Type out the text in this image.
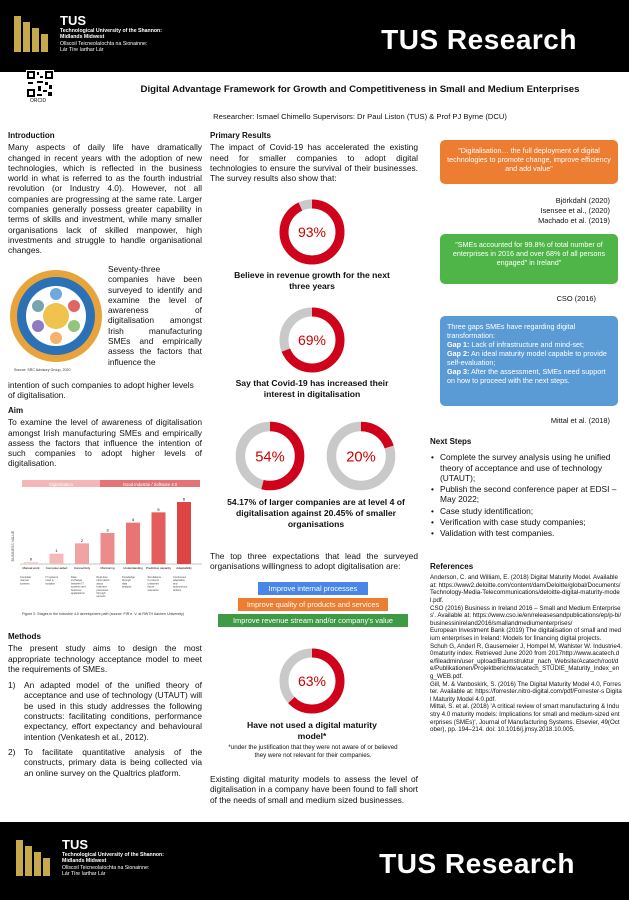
TUS
Technological University of the Shannon:
Midlands Midwest
Ollscoil Teicneolaíochta na Sionainne:
Lár Tíre Iarthar Lár	TUS Research
ORCID
Digital Advantage Framework for Growth and Competitiveness in Small and Medium Enterprises
Researcher: Ismael Chimello Supervisors: Dr Paul Liston (TUS) & Prof PJ Byrne (DCU)
Introduction
Many aspects of daily life have dramatically changed in recent years with the adoption of new technologies, which is reflected in the business world in what is referred to as the fourth industrial revolution (or Industry 4.0). However, not all companies are progressing at the same rate. Larger companies generally possess greater capability in terms of skills and investment, while many smaller organisations lack of skilled manpower, high investments and struggle to handle organisational changes.
Seventy-three companies have been surveyed to identify and examine the level of awareness of digitalisation amongst Irish manufacturing SMEs and empirically assess the factors that influence the
Source: SRC Advisory Group, 2020
intention of such companies to adopt higher levels of digitalisation.
Aim
To examine the level of awareness of digitalisation amongst Irish manufacturing SMEs and empirically assess the factors that influence the intention of such companies to adopt higher levels of digitalisation.
Digitalization	Good Industrie / Software 4.0
BUSINESS VALUE	0
Manual work
Complete manual systems
1
Computer-aided
IT systems used in isolation
2
Connectivity
Data exchange between IT systems and business applications
3
Monitoring
Real-time information about business processes through sensors
4
Understanding
Knowledge through data analysis
5
Predictive capacity
Simulations to prevent unwanted future scenarios
6
Adaptability
Continuous adaptation and autonomous actions
Figure 2: Stages in the Industrie 4.0 development path (source: FIR e. V. at RWTH Aachen University)
Methods
The present study aims to design the most appropriate technology acceptance model to meet the requirements of SMEs.
1)	An adapted model of the unified theory of acceptance and use of technology (UTAUT) will be used in this study addresses the following constructs: facilitating conditions, performance expectancy, effort expectancy and behavioural intention (Venkatesh et al., 2012).
2)	To facilitate quantitative analysis of the constructs, primary data is being collected via an online survey on the Qualtrics platform.
Primary Results
The impact of Covid-19 has accelerated the existing need for smaller companies to adopt digital technologies to ensure the survival of their businesses. The survey results also show that:
93%
Believe in revenue growth for the next three years
69%
Say that Covid-19 has increased their interest in digitalisation
54%	20%
54.17% of larger companies are at level 4 of digitalisation against 20.45% of smaller organisations
The top three expectations that lead the surveyed organisations willingness to adopt digitalisation are:
Improve internal processes
Improve quality of products and services
Improve revenue stream and/or company's value
63%
Have not used a digital maturity model*
*under the justification that they were not aware of or believed they were not relevant for their companies.
Existing digital maturity models to assess the level of digitalisation in a company have been found to fall short of the needs of small and medium sized businesses.
"Digitalisation… the full deployment of digital technologies to promote change, improve efficiency and add value"
Björkdahl (2020)
Isensee et al., (2020)
Machado et al. (2019)
"SMEs accounted for 99.8% of total number of enterprises in 2016 and over 68% of all persons engaged" in Ireland"
CSO (2016)
Three gaps SMEs have regarding digital transformation:
Gap 1: Lack of infrastructure and mind-set;
Gap 2: An ideal maturity model capable to provide self-evaluation;
Gap 3: After the assessment, SMEs need support on how to proceed with the next steps.
Mittal et al. (2018)
Next Steps
• Complete the survey analysis using he unified theory of acceptance and use of technology (UTAUT);
• Publish the second conference paper at EDSI – May 2022;
• Case study identification;
• Verification with case study companies;
• Validation with test companies.
References

Anderson, C. and William, E. (2018) Digital Maturity Model. Available at: https://www2.deloitte.com/content/dam/Deloitte/global/Documents/Technology-Media-Telecommunications/deloitte-digital-maturity-model.pdf.

CSO (2016) Business in Ireland 2016 – Small and Medium Enterprises'. Available at: https://www.cso.ie/en/releasesandpublications/ep/p-bi/businessinireland2016/smallandmediumenterprises/

European Investment Bank (2019) The digitalisation of small and medium enterprises in Ireland: Models for financing digital projects.

Schuh G, Anderl R, Gausemeier J, Hompel M, Wahlster W. Industrie4.0maturity index. Retrieved June 2020 from 2017http://www.acatech.de/fileadmin/user_upload/Baumstruktur_nach_Website/Acatech/root/de/Publikationen/Projektberichte/acatech_STUDIE_Maturity_Index_eng_WEB.pdf.

Gill, M. & Vanboskirk, S. (2016) The Digital Maturity Model 4.0, Forrester. Available at: https://forrester.nitro-digital.com/pdf/Forrester-s Digital Maturity Model 4.0.pdf.

Mittal, S. et al. (2018) 'A critical review of smart manufacturing & Industry 4.0 maturity models: Implications for small and medium-sized enterprises (SMEs)', Journal of Manufacturing Systems. Elsevier, 49(October), pp. 194–214. doi: 10.1016/j.jmsy.2018.10.005.

TUS
Technological University of the Shannon:
Midlands Midwest
Ollscoil Teicneolaíochta na Sionainne:
Lár Tíre Iarthar Lár	TUS Research
